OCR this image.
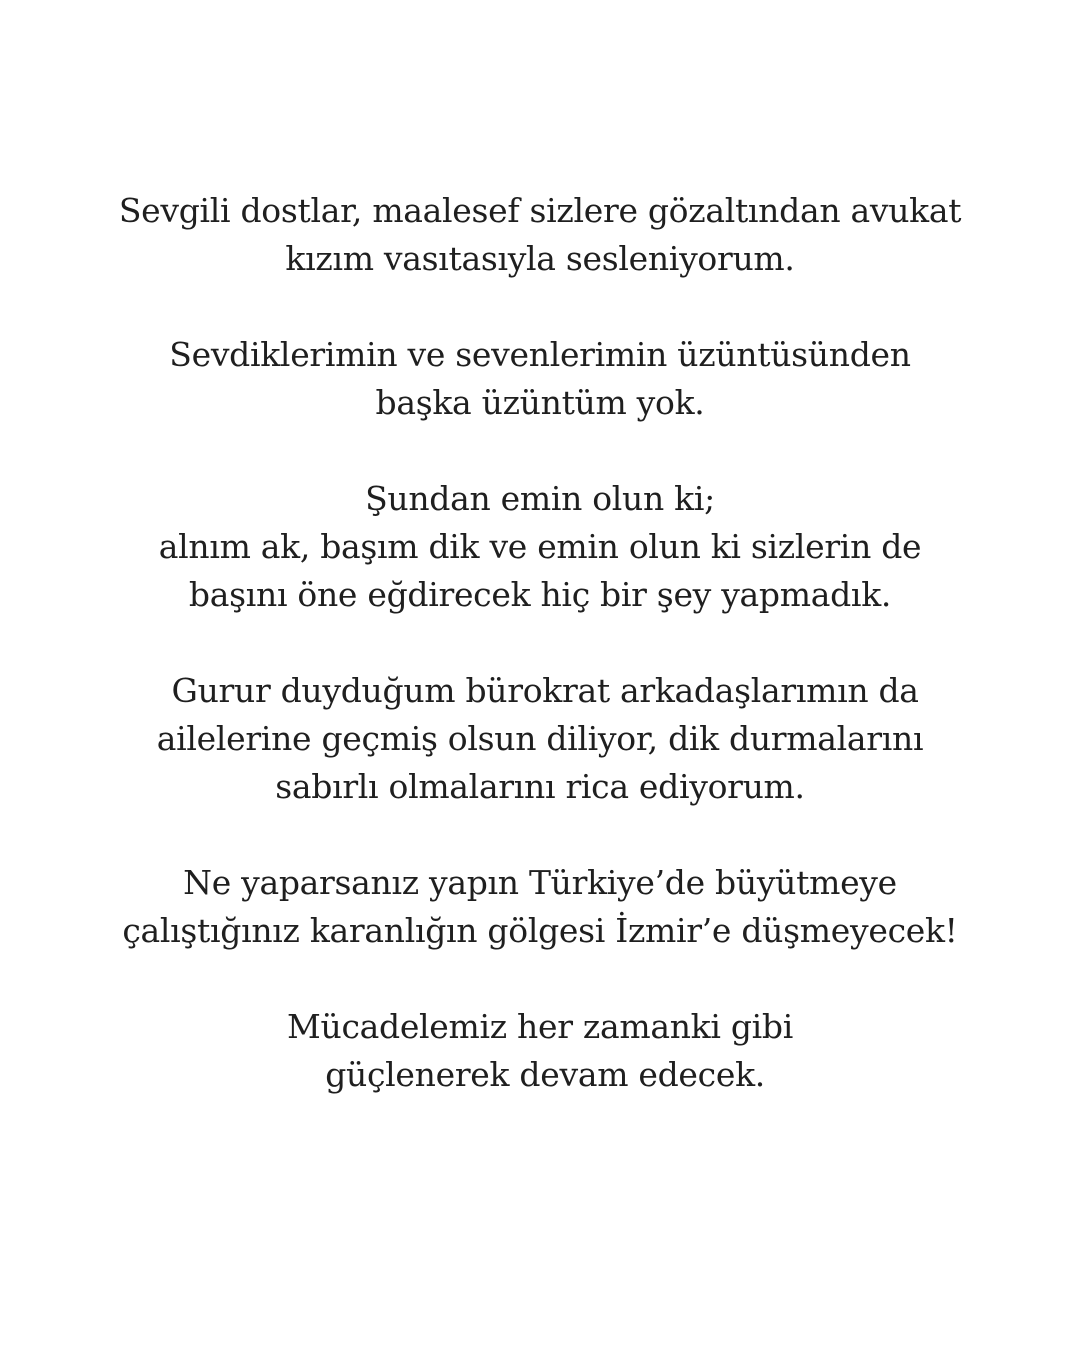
Sevgili dostlar, maalesef sizlere gözaltından avukat
kızım vasıtasıyla sesleniyorum.

Sevdiklerimin ve sevenlerimin üzüntüsünden
başka üzüntüm yok.

Şundan emin olun ki;
alnım ak, başım dik ve emin olun ki sizlerin de
başını öne eğdirecek hiç bir şey yapmadık.

Gurur duyduğum bürokrat arkadaşlarımın da
ailelerine geçmiş olsun diliyor, dik durmalarını
sabırlı olmalarını rica ediyorum.

Ne yaparsanız yapın Türkiye’de büyütmeye
çalıştığınız karanlığın gölgesi İzmir’e düşmeyecek!

Mücadelemiz her zamanki gibi
güçlenerek devam edecek.
